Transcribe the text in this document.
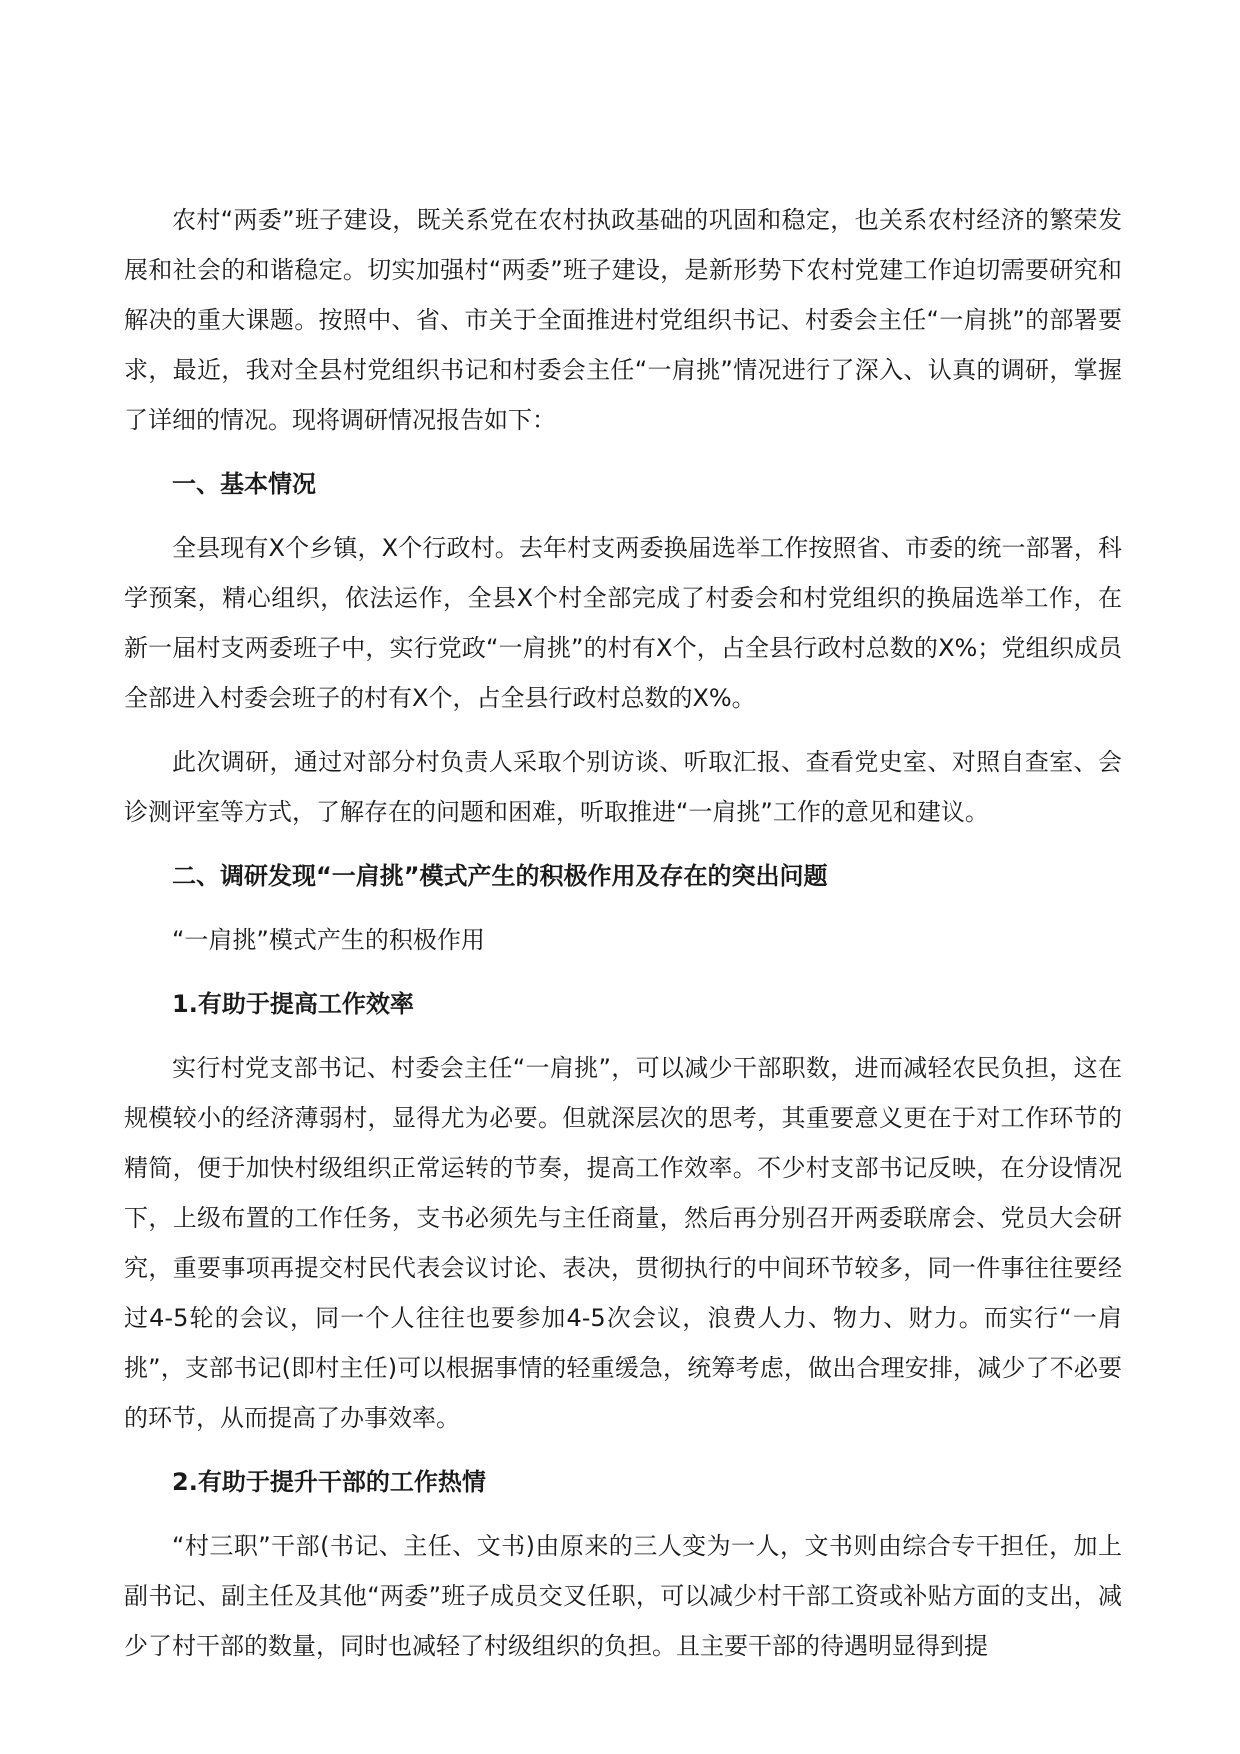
农村“两委”班子建设，既关系党在农村执政基础的巩固和稳定，也关系农村经济的繁荣发展和社会的和谐稳定。切实加强村“两委”班子建设，是新形势下农村党建工作迫切需要研究和解决的重大课题。按照中、省、市关于全面推进村党组织书记、村委会主任“一肩挑”的部署要求，最近，我对全县村党组织书记和村委会主任“一肩挑”情况进行了深入、认真的调研，掌握了详细的情况。现将调研情况报告如下：

一、基本情况

全县现有X个乡镇，X个行政村。去年村支两委换届选举工作按照省、市委的统一部署，科学预案，精心组织，依法运作，全县X个村全部完成了村委会和村党组织的换届选举工作，在新一届村支两委班子中，实行党政“一肩挑”的村有X个，占全县行政村总数的X%；党组织成员全部进入村委会班子的村有X个，占全县行政村总数的X%。

此次调研，通过对部分村负责人采取个别访谈、听取汇报、查看党史室、对照自查室、会诊测评室等方式，了解存在的问题和困难，听取推进“一肩挑”工作的意见和建议。

二、调研发现“一肩挑”模式产生的积极作用及存在的突出问题

“一肩挑”模式产生的积极作用

1.有助于提高工作效率

实行村党支部书记、村委会主任“一肩挑”，可以减少干部职数，进而减轻农民负担，这在规模较小的经济薄弱村，显得尤为必要。但就深层次的思考，其重要意义更在于对工作环节的精简，便于加快村级组织正常运转的节奏，提高工作效率。不少村支部书记反映，在分设情况下，上级布置的工作任务，支书必须先与主任商量，然后再分别召开两委联席会、党员大会研究，重要事项再提交村民代表会议讨论、表决，贯彻执行的中间环节较多，同一件事往往要经过4-5轮的会议，同一个人往往也要参加4-5次会议，浪费人力、物力、财力。而实行“一肩挑”，支部书记(即村主任)可以根据事情的轻重缓急，统筹考虑，做出合理安排，减少了不必要的环节，从而提高了办事效率。

2.有助于提升干部的工作热情

“村三职”干部(书记、主任、文书)由原来的三人变为一人，文书则由综合专干担任，加上副书记、副主任及其他“两委”班子成员交叉任职，可以减少村干部工资或补贴方面的支出，减少了村干部的数量，同时也减轻了村级组织的负担。且主要干部的待遇明显得到提
